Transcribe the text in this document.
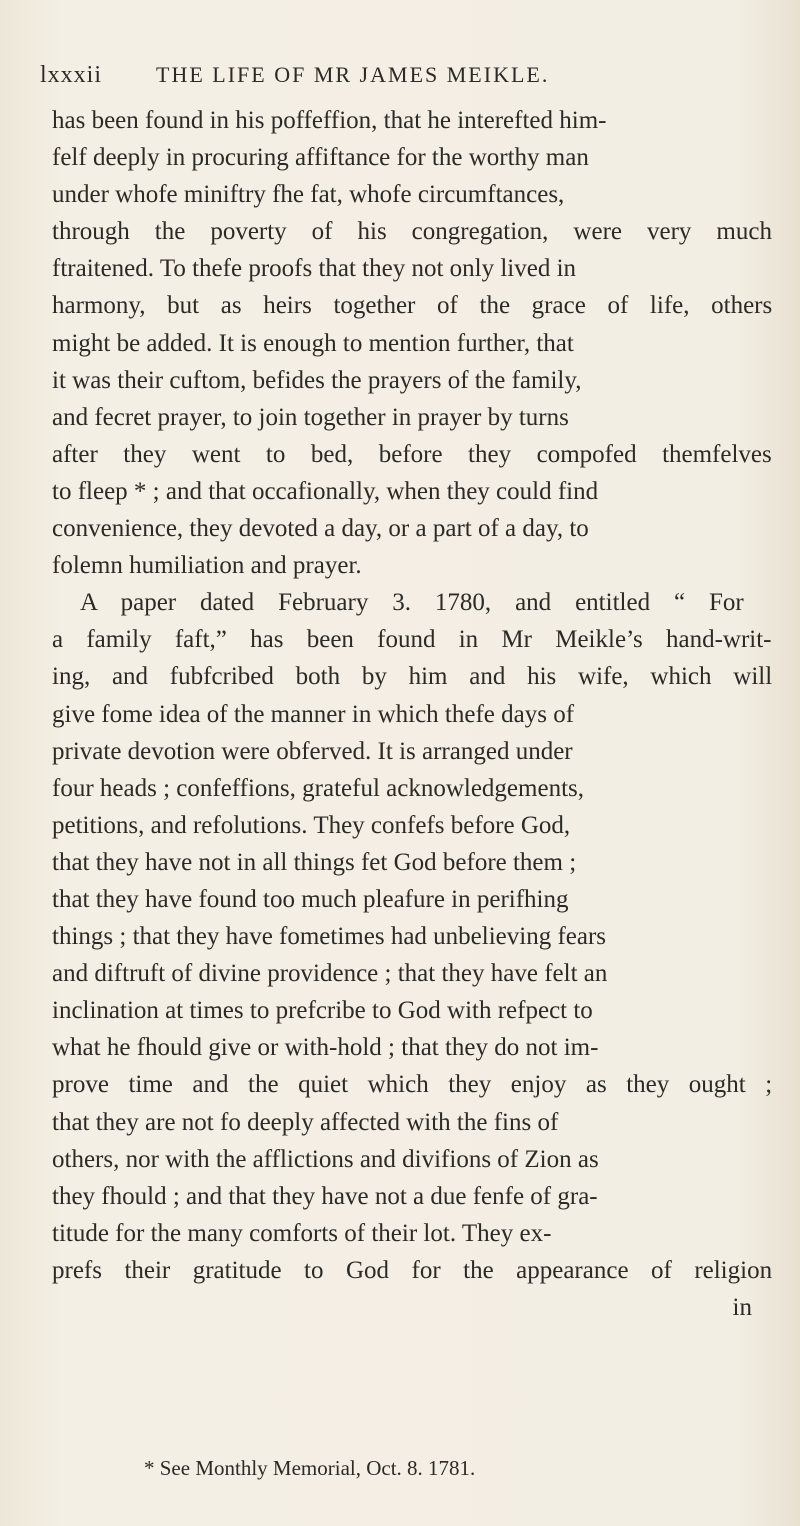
lxxxii THE LIFE OF MR JAMES MEIKLE.
has been found in his poffeffion, that he interefted him-
felf deeply in procuring affiftance for the worthy man
under whofe miniftry fhe fat, whofe circumftances,
through the poverty of his congregation, were very much
ftraitened. To thefe proofs that they not only lived in
harmony, but as heirs together of the grace of life, others
might be added. It is enough to mention further, that
it was their cuftom, befides the prayers of the family,
and fecret prayer, to join together in prayer by turns
after they went to bed, before they compofed themfelves
to fleep * ; and that occafionally, when they could find
convenience, they devoted a day, or a part of a day, to
folemn humiliation and prayer.
A paper dated February 3. 1780, and entitled “ For
a family faft,” has been found in Mr Meikle’s hand-writ-
ing, and fubfcribed both by him and his wife, which will
give fome idea of the manner in which thefe days of
private devotion were obferved. It is arranged under
four heads ; confeffions, grateful acknowledgements,
petitions, and refolutions. They confefs before God,
that they have not in all things fet God before them ;
that they have found too much pleafure in perifhing
things ; that they have fometimes had unbelieving fears
and diftruft of divine providence ; that they have felt an
inclination at times to prefcribe to God with refpect to
what he fhould give or with-hold ; that they do not im-
prove time and the quiet which they enjoy as they ought ;
that they are not fo deeply affected with the fins of
others, nor with the afflictions and divifions of Zion as
they fhould ; and that they have not a due fenfe of gra-
titude for the many comforts of their lot. They ex-
prefs their gratitude to God for the appearance of religion
in
* See Monthly Memorial, Oct. 8. 1781.
